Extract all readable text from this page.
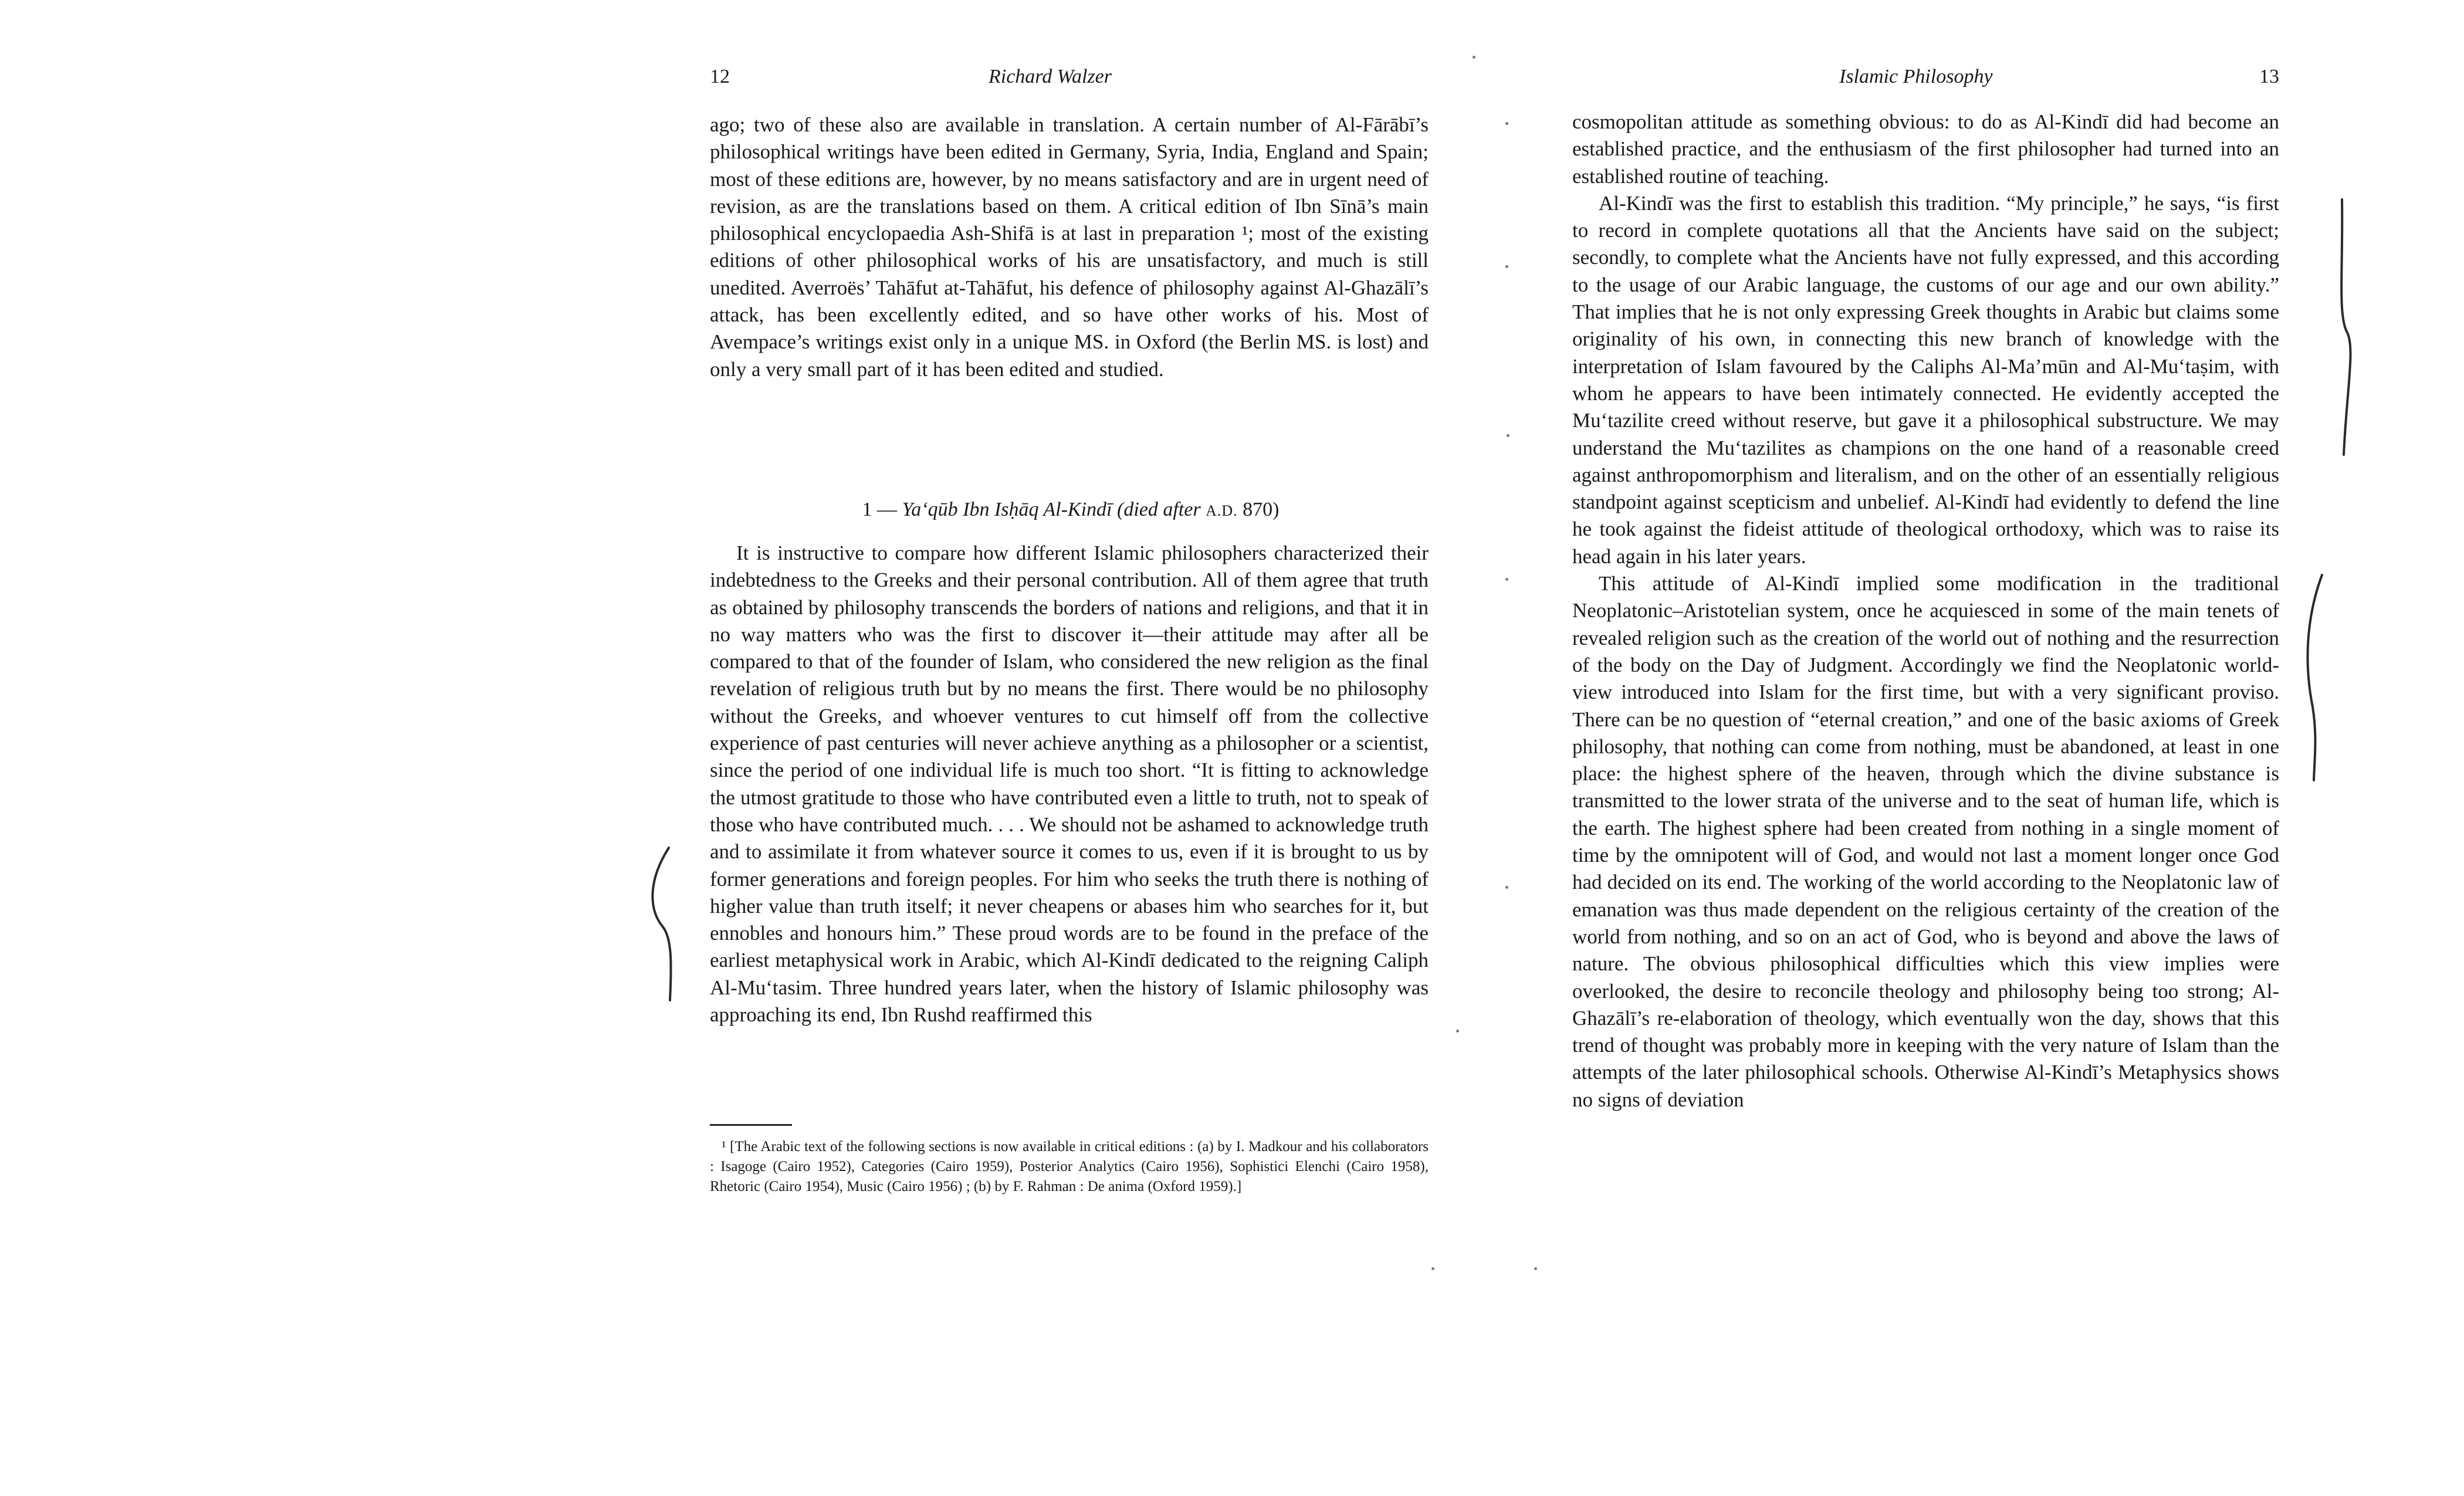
12	Richard Walzer

ago; two of these also are available in translation. A certain number of Al-Fārābī’s philosophical writings have been edited in Germany, Syria, India, England and Spain; most of these editions are, however, by no means satisfactory and are in urgent need of revision, as are the translations based on them. A critical edition of Ibn Sīnā’s main philosophical encyclopaedia Ash-Shifā is at last in preparation ¹; most of the existing editions of other philosophical works of his are unsatisfactory, and much is still unedited. Averroës’ Tahāfut at-Tahāfut, his defence of philosophy against Al-Ghazālī’s attack, has been excellently edited, and so have other works of his. Most of Avempace’s writings exist only in a unique MS. in Oxford (the Berlin MS. is lost) and only a very small part of it has been edited and studied.

1 — Ya‘qūb Ibn Isḥāq Al-Kindī (died after A.D. 870)

It is instructive to compare how different Islamic philosophers characterized their indebtedness to the Greeks and their personal contribution. All of them agree that truth as obtained by philosophy transcends the borders of nations and religions, and that it in no way matters who was the first to discover it—their attitude may after all be compared to that of the founder of Islam, who considered the new religion as the final revelation of religious truth but by no means the first. There would be no philosophy without the Greeks, and whoever ventures to cut himself off from the collective experience of past centuries will never achieve anything as a philosopher or a scientist, since the period of one individual life is much too short. “It is fitting to acknowledge the utmost gratitude to those who have contributed even a little to truth, not to speak of those who have contributed much. . . . We should not be ashamed to acknowledge truth and to assimilate it from whatever source it comes to us, even if it is brought to us by former generations and foreign peoples. For him who seeks the truth there is nothing of higher value than truth itself; it never cheapens or abases him who searches for it, but ennobles and honours him.” These proud words are to be found in the preface of the earliest metaphysical work in Arabic, which Al-Kindī dedicated to the reigning Caliph Al-Mu‘tasim. Three hundred years later, when the history of Islamic philosophy was approaching its end, Ibn Rushd reaffirmed this

¹ [The Arabic text of the following sections is now available in critical editions : (a) by I. Madkour and his collaborators : Isagoge (Cairo 1952), Categories (Cairo 1959), Posterior Analytics (Cairo 1956), Sophistici Elenchi (Cairo 1958), Rhetoric (Cairo 1954), Music (Cairo 1956) ; (b) by F. Rahman : De anima (Oxford 1959).]

Islamic Philosophy	13

cosmopolitan attitude as something obvious: to do as Al-Kindī did had become an established practice, and the enthusiasm of the first philosopher had turned into an established routine of teaching.

Al-Kindī was the first to establish this tradition. “My principle,” he says, “is first to record in complete quotations all that the Ancients have said on the subject; secondly, to complete what the Ancients have not fully expressed, and this according to the usage of our Arabic language, the customs of our age and our own ability.” That implies that he is not only expressing Greek thoughts in Arabic but claims some originality of his own, in connecting this new branch of knowledge with the interpretation of Islam favoured by the Caliphs Al-Ma’mūn and Al-Mu‘taṣim, with whom he appears to have been intimately connected. He evidently accepted the Mu‘tazilite creed without reserve, but gave it a philosophical substructure. We may understand the Mu‘tazilites as champions on the one hand of a reasonable creed against anthropomorphism and literalism, and on the other of an essentially religious standpoint against scepticism and unbelief. Al-Kindī had evidently to defend the line he took against the fideist attitude of theological orthodoxy, which was to raise its head again in his later years.

This attitude of Al-Kindī implied some modification in the traditional Neoplatonic–Aristotelian system, once he acquiesced in some of the main tenets of revealed religion such as the creation of the world out of nothing and the resurrection of the body on the Day of Judgment. Accordingly we find the Neoplatonic world-view introduced into Islam for the first time, but with a very significant proviso. There can be no question of “eternal creation,” and one of the basic axioms of Greek philosophy, that nothing can come from nothing, must be abandoned, at least in one place: the highest sphere of the heaven, through which the divine substance is transmitted to the lower strata of the universe and to the seat of human life, which is the earth. The highest sphere had been created from nothing in a single moment of time by the omnipotent will of God, and would not last a moment longer once God had decided on its end. The working of the world according to the Neoplatonic law of emanation was thus made dependent on the religious certainty of the creation of the world from nothing, and so on an act of God, who is beyond and above the laws of nature. The obvious philosophical difficulties which this view implies were overlooked, the desire to reconcile theology and philosophy being too strong; Al-Ghazālī’s re-elaboration of theology, which eventually won the day, shows that this trend of thought was probably more in keeping with the very nature of Islam than the attempts of the later philosophical schools. Otherwise Al-Kindī’s Metaphysics shows no signs of deviation
